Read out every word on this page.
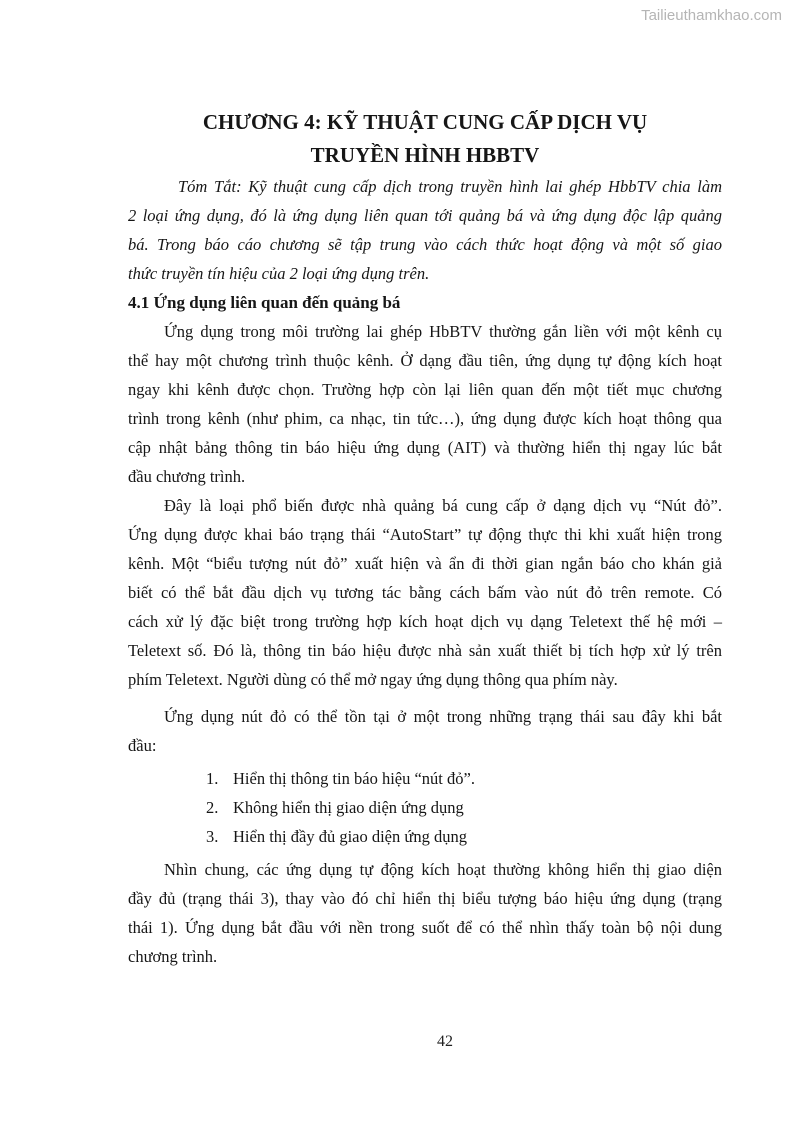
Tailieuthamkhao.com
CHƯƠNG 4: KỸ THUẬT CUNG CẤP DỊCH VỤ
TRUYỀN HÌNH HBBTV
Tóm Tắt: Kỹ thuật cung cấp dịch trong truyền hình lai ghép HbbTV chia làm
2 loại ứng dụng, đó là ứng dụng liên quan tới quảng bá và ứng dụng độc lập quảng
bá. Trong báo cáo chương sẽ tập trung vào cách thức hoạt động và một số giao
thức truyền tín hiệu của 2 loại ứng dụng trên.
4.1 Ứng dụng liên quan đến quảng bá
Ứng dụng trong môi trường lai ghép HbBTV thường gắn liền với một kênh cụ
thể hay một chương trình thuộc kênh. Ở dạng đầu tiên, ứng dụng tự động kích hoạt
ngay khi kênh được chọn. Trường hợp còn lại liên quan đến một tiết mục chương
trình trong kênh (như phim, ca nhạc, tin tức…), ứng dụng được kích hoạt thông qua
cập nhật bảng thông tin báo hiệu ứng dụng (AIT) và thường hiển thị ngay lúc bắt
đầu chương trình.
Đây là loại phổ biến được nhà quảng bá cung cấp ở dạng dịch vụ “Nút đỏ”.
Ứng dụng được khai báo trạng thái “AutoStart” tự động thực thi khi xuất hiện trong
kênh. Một “biểu tượng nút đỏ” xuất hiện và ẩn đi thời gian ngắn báo cho khán giả
biết có thể bắt đầu dịch vụ tương tác bằng cách bấm vào nút đỏ trên remote. Có
cách xử lý đặc biệt trong trường hợp kích hoạt dịch vụ dạng Teletext thế hệ mới –
Teletext số. Đó là, thông tin báo hiệu được nhà sản xuất thiết bị tích hợp xử lý trên
phím Teletext. Người dùng có thể mở ngay ứng dụng thông qua phím này.
Ứng dụng nút đỏ có thể tồn tại ở một trong những trạng thái sau đây khi bắt
đầu:
1. Hiển thị thông tin báo hiệu “nút đỏ”.
2. Không hiển thị giao diện ứng dụng
3. Hiển thị đầy đủ giao diện ứng dụng
Nhìn chung, các ứng dụng tự động kích hoạt thường không hiển thị giao diện
đầy đủ (trạng thái 3), thay vào đó chỉ hiển thị biểu tượng báo hiệu ứng dụng (trạng
thái 1). Ứng dụng bắt đầu với nền trong suốt để có thể nhìn thấy toàn bộ nội dung
chương trình.
42
